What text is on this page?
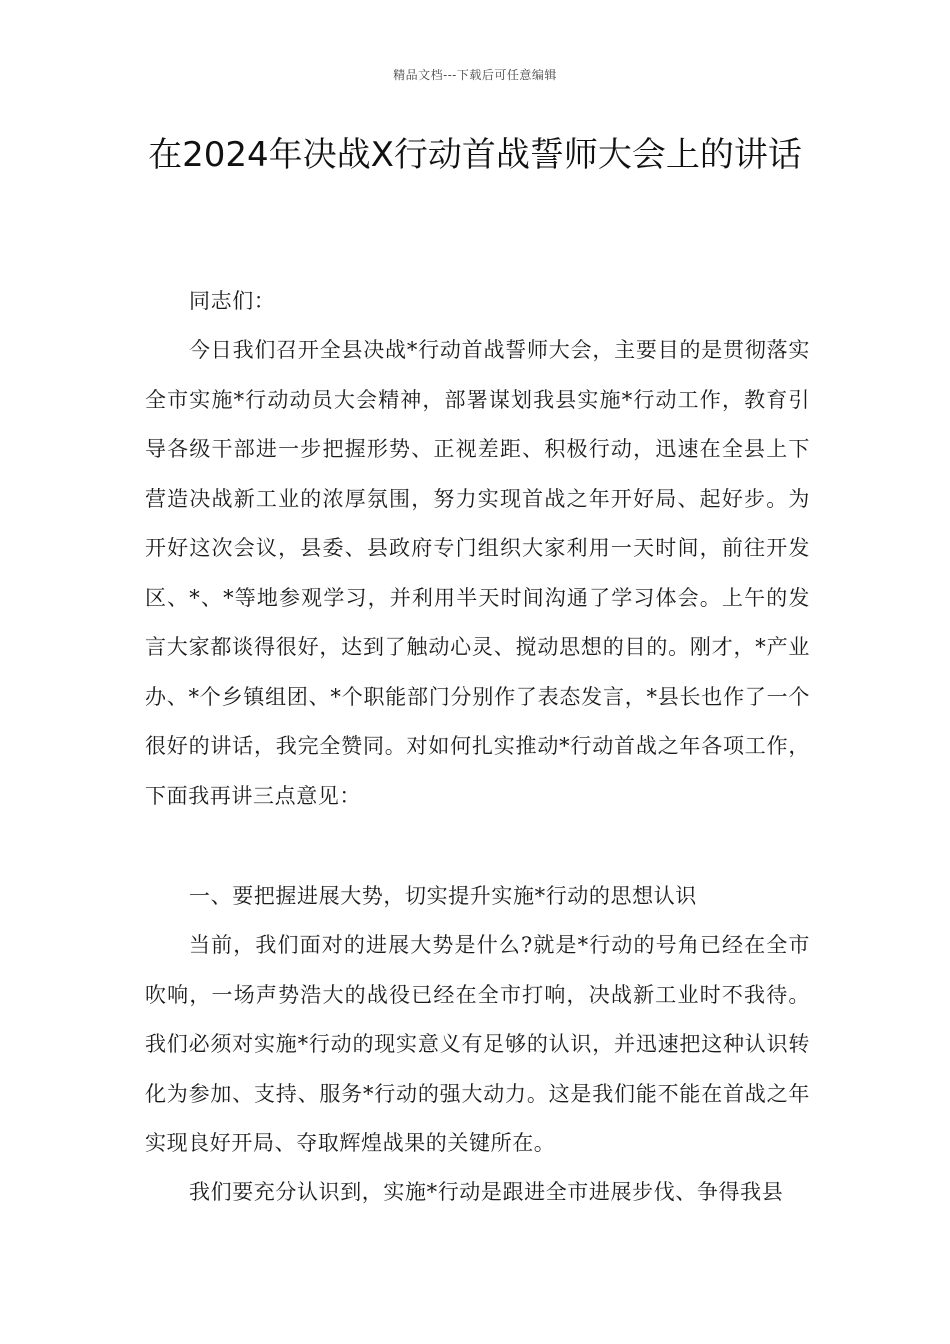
精品文档---下载后可任意编辑
在2024年决战X行动首战誓师大会上的讲话

同志们：

今日我们召开全县决战*行动首战誓师大会，主要目的是贯彻落实全市实施*行动动员大会精神，部署谋划我县实施*行动工作，教育引导各级干部进一步把握形势、正视差距、积极行动，迅速在全县上下营造决战新工业的浓厚氛围，努力实现首战之年开好局、起好步。为开好这次会议，县委、县政府专门组织大家利用一天时间，前往开发区、*、*等地参观学习，并利用半天时间沟通了学习体会。上午的发言大家都谈得很好，达到了触动心灵、搅动思想的目的。刚才，*产业办、*个乡镇组团、*个职能部门分别作了表态发言，*县长也作了一个很好的讲话，我完全赞同。对如何扎实推动*行动首战之年各项工作，下面我再讲三点意见：

一、要把握进展大势，切实提升实施*行动的思想认识

当前，我们面对的进展大势是什么?就是*行动的号角已经在全市吹响，一场声势浩大的战役已经在全市打响，决战新工业时不我待。我们必须对实施*行动的现实意义有足够的认识，并迅速把这种认识转化为参加、支持、服务*行动的强大动力。这是我们能不能在首战之年实现良好开局、夺取辉煌战果的关键所在。

我们要充分认识到，实施*行动是跟进全市进展步伐、争得我县
